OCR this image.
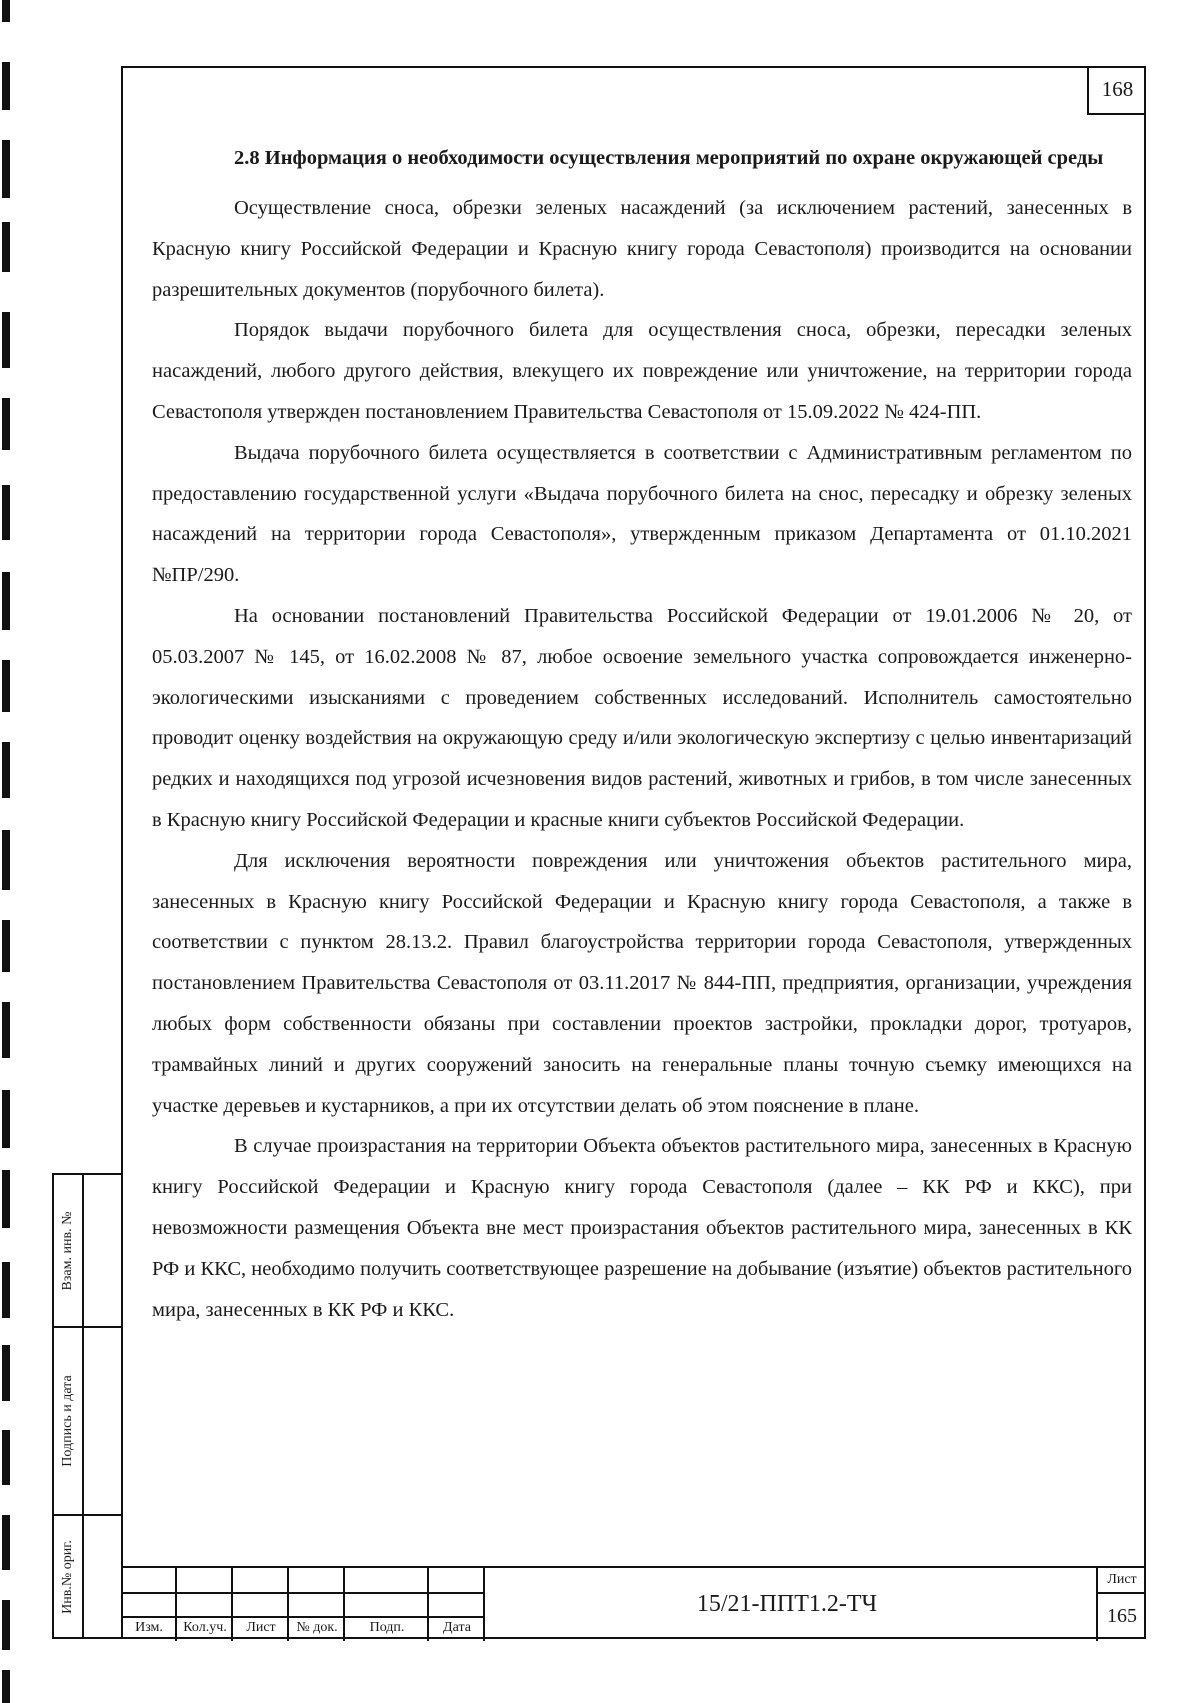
168

2.8 Информация о необходимости осуществления мероприятий по охране окружающей среды

Осуществление сноса, обрезки зеленых насаждений (за исключением растений, занесенных в Красную книгу Российской Федерации и Красную книгу города Севастополя) производится на основании разрешительных документов (порубочного билета).

Порядок выдачи порубочного билета для осуществления сноса, обрезки, пересадки зеленых насаждений, любого другого действия, влекущего их повреждение или уничтожение, на территории города Севастополя утвержден постановлением Правительства Севастополя от 15.09.2022 № 424-ПП.

Выдача порубочного билета осуществляется в соответствии с Административным регламентом по предоставлению государственной услуги «Выдача порубочного билета на снос, пересадку и обрезку зеленых насаждений на территории города Севастополя», утвержденным приказом Департамента от 01.10.2021 №ПР/290.

На основании постановлений Правительства Российской Федерации от 19.01.2006 № 20, от 05.03.2007 № 145, от 16.02.2008 № 87, любое освоение земельного участка сопровождается инженерно-экологическими изысканиями с проведением собственных исследований. Исполнитель самостоятельно проводит оценку воздействия на окружающую среду и/или экологическую экспертизу с целью инвентаризаций редких и находящихся под угрозой исчезновения видов растений, животных и грибов, в том числе занесенных в Красную книгу Российской Федерации и красные книги субъектов Российской Федерации.

Для исключения вероятности повреждения или уничтожения объектов растительного мира, занесенных в Красную книгу Российской Федерации и Красную книгу города Севастополя, а также в соответствии с пунктом 28.13.2. Правил благоустройства территории города Севастополя, утвержденных постановлением Правительства Севастополя от 03.11.2017 № 844-ПП, предприятия, организации, учреждения любых форм собственности обязаны при составлении проектов застройки, прокладки дорог, тротуаров, трамвайных линий и других сооружений заносить на генеральные планы точную съемку имеющихся на участке деревьев и кустарников, а при их отсутствии делать об этом пояснение в плане.

В случае произрастания на территории Объекта объектов растительного мира, занесенных в Красную книгу Российской Федерации и Красную книгу города Севастополя (далее – КК РФ и ККС), при невозможности размещения Объекта вне мест произрастания объектов растительного мира, занесенных в КК РФ и ККС, необходимо получить соответствующее разрешение на добывание (изъятие) объектов растительного мира, занесенных в КК РФ и ККС.

Взам. инв. №
Подпись и дата
Инв.№ ориг.
Изм.	Кол.уч.	Лист	№ док.	Подп.	Дата
15/21-ППТ1.2-ТЧ
Лист
165
